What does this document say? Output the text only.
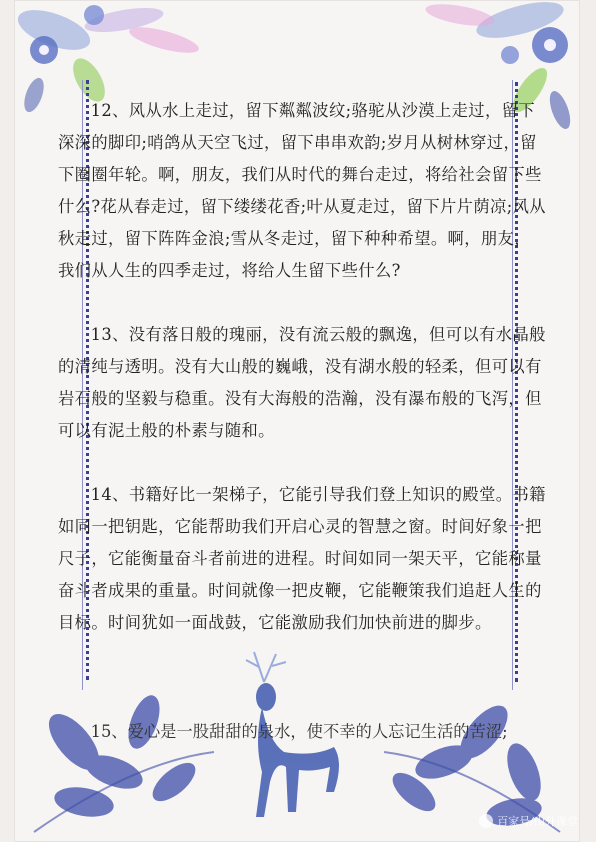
12、风从水上走过，留下粼粼波纹;骆驼从沙漠上走过，留下深深的脚印;哨鸽从天空飞过，留下串串欢韵;岁月从树林穿过，留下圈圈年轮。啊，朋友，我们从时代的舞台走过，将给社会留下些什么?花从春走过，留下缕缕花香;叶从夏走过，留下片片荫凉;风从秋走过，留下阵阵金浪;雪从冬走过，留下种种希望。啊，朋友，我们从人生的四季走过，将给人生留下些什么?

13、没有落日般的瑰丽，没有流云般的飘逸，但可以有水晶般的清纯与透明。没有大山般的巍峨，没有湖水般的轻柔，但可以有岩石般的坚毅与稳重。没有大海般的浩瀚，没有瀑布般的飞泻，但可以有泥土般的朴素与随和。

14、书籍好比一架梯子，它能引导我们登上知识的殿堂。书籍如同一把钥匙，它能帮助我们开启心灵的智慧之窗。时间好象一把尺子，它能衡量奋斗者前进的进程。时间如同一架天平，它能称量奋斗者成果的重量。时间就像一把皮鞭，它能鞭策我们追赶人生的目标。时间犹如一面战鼓，它能激励我们加快前进的脚步。

15、爱心是一股甜甜的泉水，使不幸的人忘记生活的苦涩;
百家号/山外课堂
